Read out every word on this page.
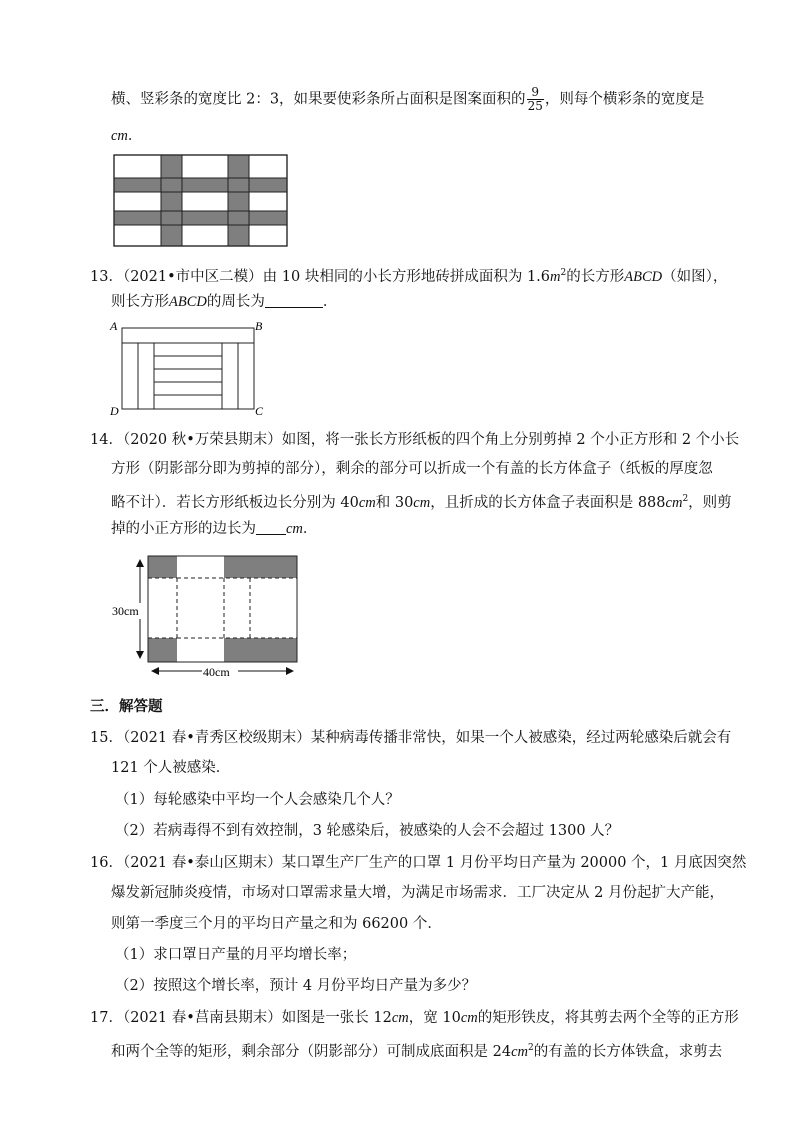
横、竖彩条的宽度比 2：3，如果要使彩条所占面积是图案面积的 $\frac{9}{25}$ ，则每个横彩条的宽度是
cm．
13．（2021•市中区二模）由 10 块相同的小长方形地砖拼成面积为 $1.6m^2$的长方形ABCD（如图），
则长方形ABCD的周长为	．
A	B
C
D
14．（2020 秋•万荣县期末）如图，将一张长方形纸板的四个角上分别剪掉 2 个小正方形和 2 个小长
方形（阴影部分即为剪掉的部分），剩余的部分可以折成一个有盖的长方体盒子（纸板的厚度忽
略不计）．若长方形纸板边长分别为 40cm和 30cm，且折成的长方体盒子表面积是 $888cm^2$，则剪
掉的小正方形的边长为 cm．
30cm
40cm
三．解答题
15．（2021 春•青秀区校级期末）某种病毒传播非常快，如果一个人被感染，经过两轮感染后就会有
121 个人被感染．
（1）每轮感染中平均一个人会感染几个人？
（2）若病毒得不到有效控制，3 轮感染后，被感染的人会不会超过 1300 人？
16．（2021 春•泰山区期末）某口罩生产厂生产的口罩 1 月份平均日产量为 20000 个，1 月底因突然
爆发新冠肺炎疫情，市场对口罩需求量大增，为满足市场需求．工厂决定从 2 月份起扩大产能，
则第一季度三个月的平均日产量之和为 66200 个．
（1）求口罩日产量的月平均增长率；
（2）按照这个增长率，预计 4 月份平均日产量为多少？
17．（2021 春•莒南县期末）如图是一张长 12cm，宽 10cm的矩形铁皮，将其剪去两个全等的正方形
和两个全等的矩形，剩余部分（阴影部分）可制成底面积是 $24cm^2$的有盖的长方体铁盒，求剪去
